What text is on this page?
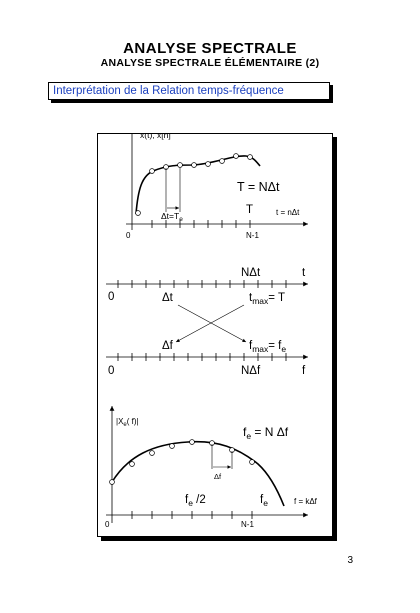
ANALYSE SPECTRALE
ANALYSE SPECTRALE ÉLÉMENTAIRE (2)
Interprétation de la Relation temps-fréquence
x(t), x[n]
$\Delta t=T_e$
T = NΔt
T	t = nΔt
0	N-1
NΔt	t
0	Δt	$t_{max}= T$
Δf	$f_{max}= f_e$
0	NΔf	f
$|X_e$( f)|
$f_e = N$ Δf
Δf
$f_e$ /2	$f_e$	f = kΔf
0	N-1
3
